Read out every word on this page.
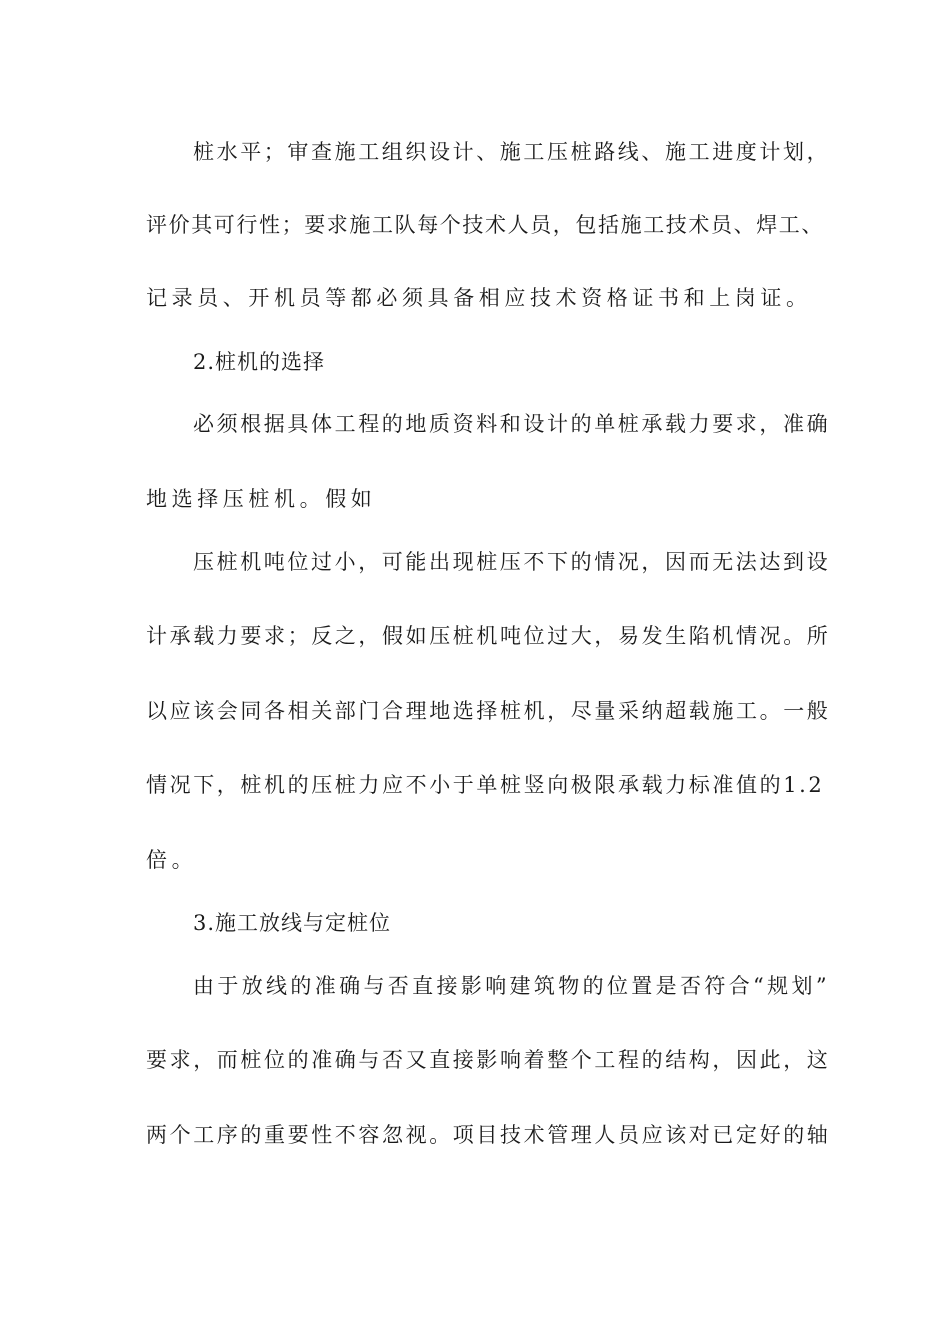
桩水平；审查施工组织设计、施工压桩路线、施工进度计划，
评价其可行性；要求施工队每个技术人员，包括施工技术员、焊工、
记录员、开机员等都必须具备相应技术资格证书和上岗证。
2.桩机的选择
必须根据具体工程的地质资料和设计的单桩承载力要求，准确
地选择压桩机。假如
压桩机吨位过小，可能出现桩压不下的情况，因而无法达到设
计承载力要求；反之，假如压桩机吨位过大，易发生陷机情况。所
以应该会同各相关部门合理地选择桩机，尽量采纳超载施工。一般
情况下，桩机的压桩力应不小于单桩竖向极限承载力标准值的1.2
倍。
3.施工放线与定桩位
由于放线的准确与否直接影响建筑物的位置是否符合“规划”
要求，而桩位的准确与否又直接影响着整个工程的结构，因此，这
两个工序的重要性不容忽视。项目技术管理人员应该对已定好的轴
